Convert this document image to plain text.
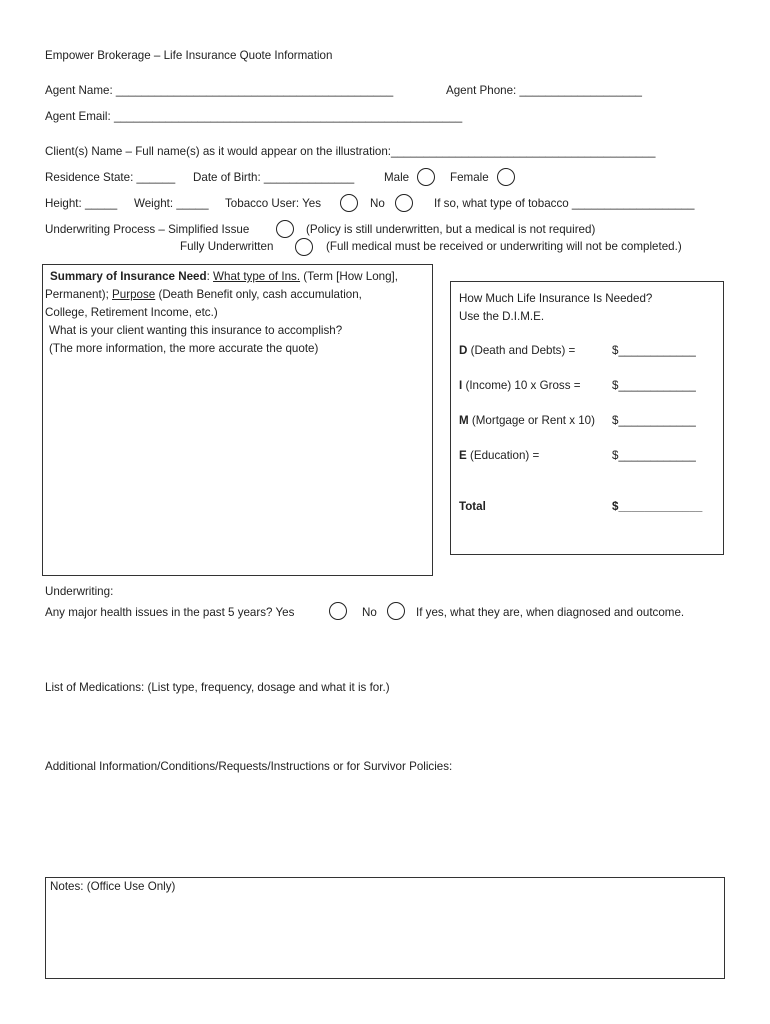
Empower Brokerage – Life Insurance Quote Information
Agent Name: ___________________________________________	Agent Phone: ___________________
Agent Email: ______________________________________________________
Client(s) Name – Full name(s) as it would appear on the illustration:_________________________________________
Residence State: ______ Date of Birth: ______________	Male	Female
Height: _____ Weight: _____ Tobacco User: Yes	No	If so, what type of tobacco ___________________
Underwriting Process – Simplified Issue	(Policy is still underwritten, but a medical is not required)
Fully Underwritten	(Full medical must be received or underwriting will not be completed.)
Summary of Insurance Need: What type of Ins. (Term [How Long],
Permanent); Purpose (Death Benefit only, cash accumulation,
College, Retirement Income, etc.)
What is your client wanting this insurance to accomplish?
(The more information, the more accurate the quote)
How Much Life Insurance Is Needed?
Use the D.I.M.E.
D (Death and Debts) =	$____________
I (Income) 10 x Gross =	$____________
M (Mortgage or Rent x 10) $____________
E (Education) =	$____________
Total	$_____________
Underwriting:
Any major health issues in the past 5 years? Yes	No	If yes, what they are, when diagnosed and outcome.
List of Medications: (List type, frequency, dosage and what it is for.)
Additional Information/Conditions/Requests/Instructions or for Survivor Policies:
Notes: (Office Use Only)
